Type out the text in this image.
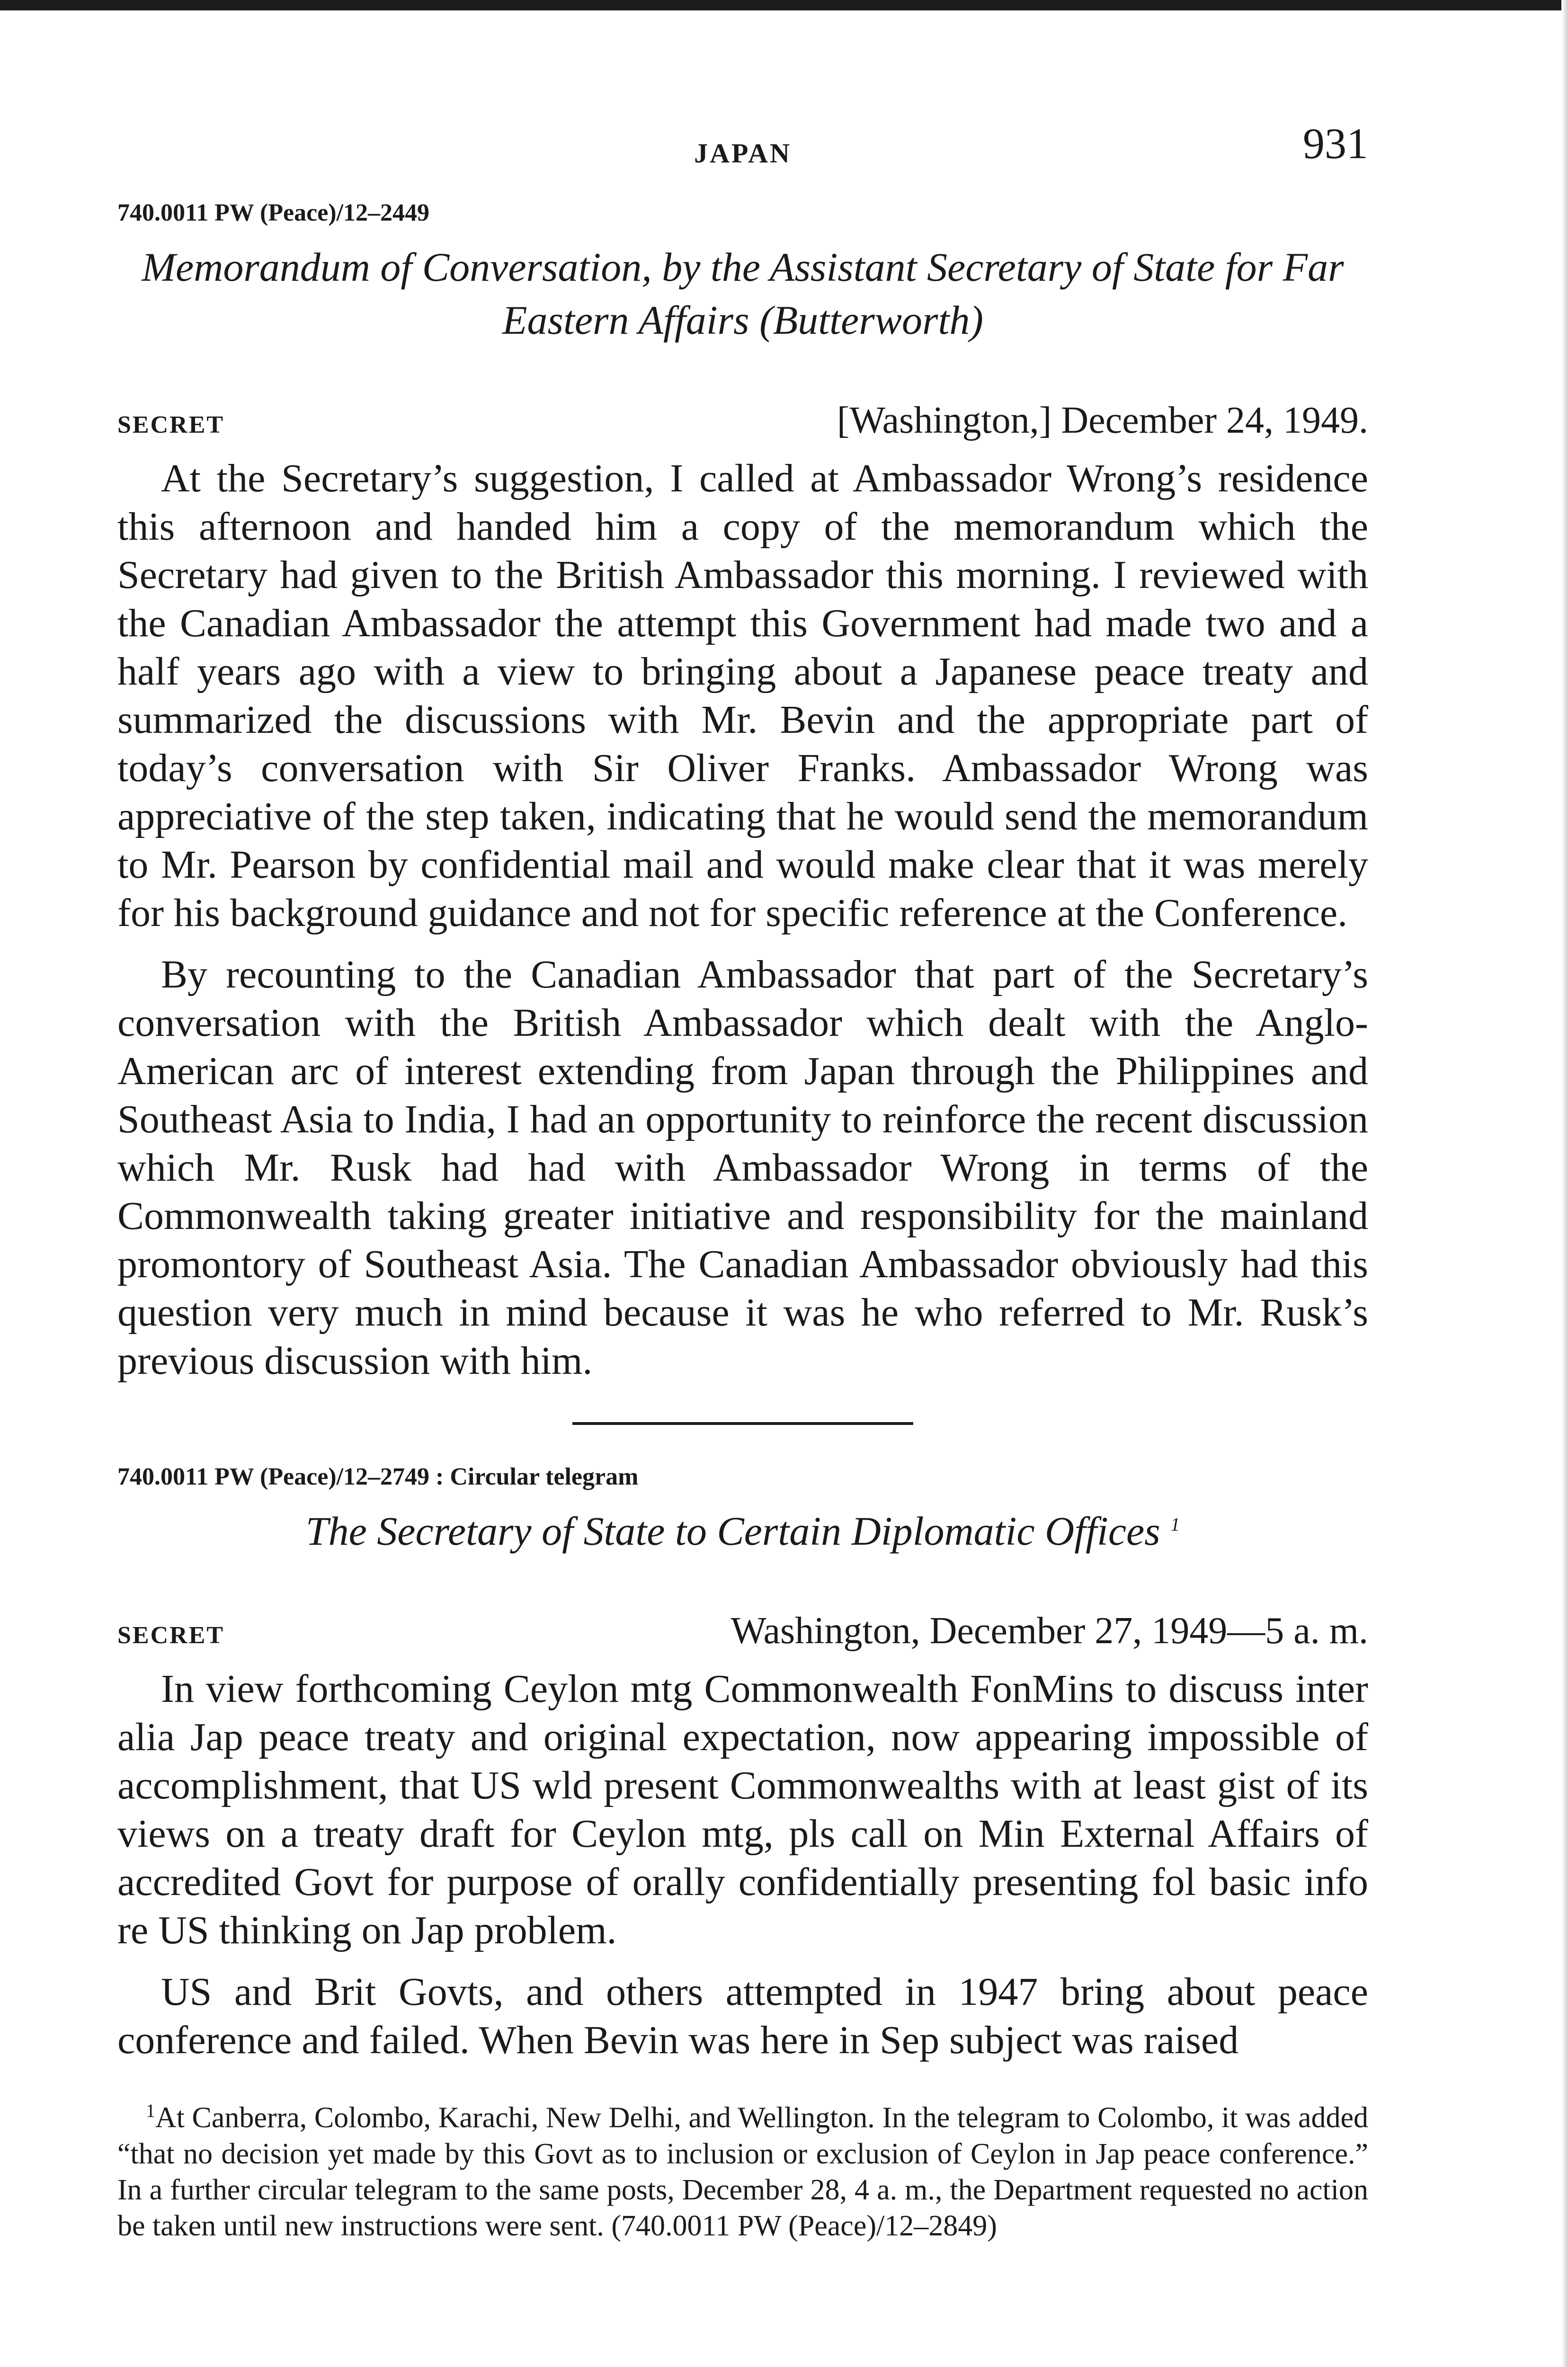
JAPAN	931
740.0011 PW (Peace)/12–2449
Memorandum of Conversation, by the Assistant Secretary of State for Far Eastern Affairs (Butterworth)
SECRET	[Washington,] December 24, 1949.

At the Secretary’s suggestion, I called at Ambassador Wrong’s residence this afternoon and handed him a copy of the memorandum which the Secretary had given to the British Ambassador this morning. I reviewed with the Canadian Ambassador the attempt this Government had made two and a half years ago with a view to bringing about a Japanese peace treaty and summarized the discussions with Mr. Bevin and the appropriate part of today’s conversation with Sir Oliver Franks. Ambassador Wrong was appreciative of the step taken, indicating that he would send the memorandum to Mr. Pearson by confidential mail and would make clear that it was merely for his background guidance and not for specific reference at the Conference.

By recounting to the Canadian Ambassador that part of the Secretary’s conversation with the British Ambassador which dealt with the Anglo-American arc of interest extending from Japan through the Philippines and Southeast Asia to India, I had an opportunity to reinforce the recent discussion which Mr. Rusk had had with Ambassador Wrong in terms of the Commonwealth taking greater initiative and responsibility for the mainland promontory of Southeast Asia. The Canadian Ambassador obviously had this question very much in mind because it was he who referred to Mr. Rusk’s previous discussion with him.

740.0011 PW (Peace)/12–2749 : Circular telegram
The Secretary of State to Certain Diplomatic Offices $^1$
SECRET	Washington, December 27, 1949—5 a. m.

In view forthcoming Ceylon mtg Commonwealth FonMins to discuss inter alia Jap peace treaty and original expectation, now appearing impossible of accomplishment, that US wld present Commonwealths with at least gist of its views on a treaty draft for Ceylon mtg, pls call on Min External Affairs of accredited Govt for purpose of orally confidentially presenting fol basic info re US thinking on Jap problem.

US and Brit Govts, and others attempted in 1947 bring about peace conference and failed. When Bevin was here in Sep subject was raised

$^1$At Canberra, Colombo, Karachi, New Delhi, and Wellington. In the telegram to Colombo, it was added “that no decision yet made by this Govt as to inclusion or exclusion of Ceylon in Jap peace conference.” In a further circular telegram to the same posts, December 28, 4 a. m., the Department requested no action be taken until new instructions were sent. (740.0011 PW (Peace)/12–2849)
